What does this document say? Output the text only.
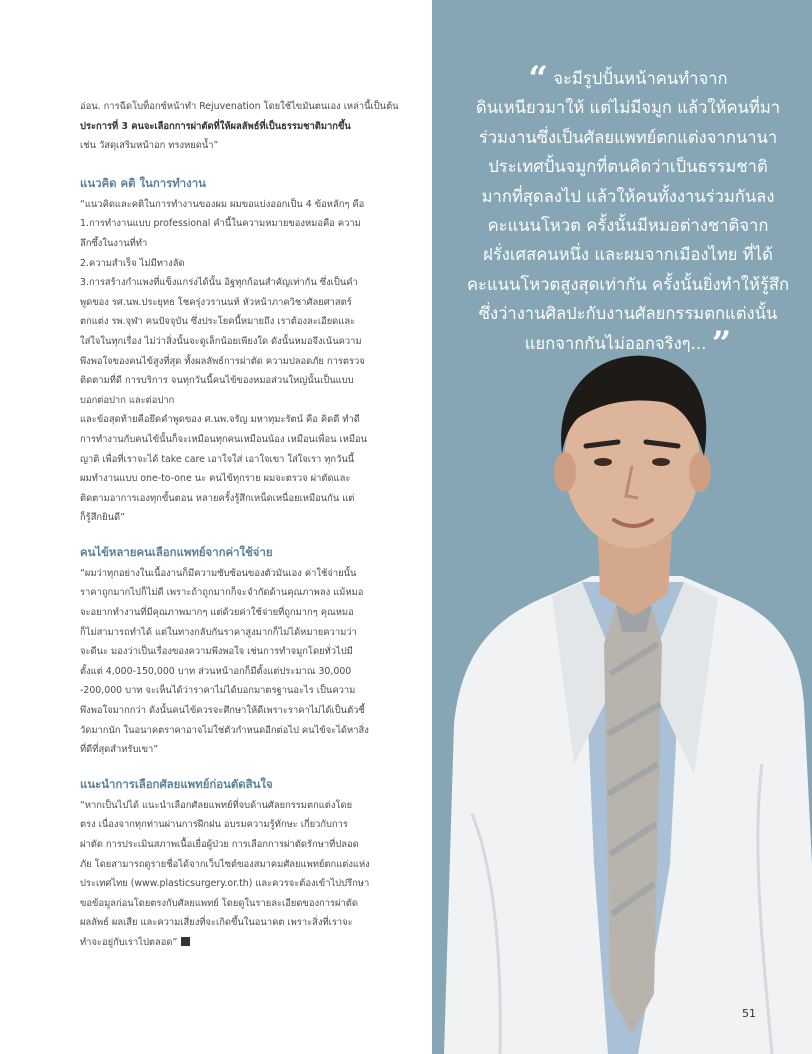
อ่อน. การฉีดโบท็อกซ์หน้าทำ Rejuvenation โดยใช้ไขมันตนเอง เหล่านี้เป็นต้น

ประการที่ 3 คนจะเลือกการผ่าตัดที่ให้ผลลัพธ์ที่เป็นธรรมชาติมากขึ้น

เช่น วัสดุเสริมหน้าอก ทรงหยดน้ำ”

แนวคิด คติ ในการทำงาน

“แนวคิดและคติในการทำงานของผม ผมขอแบ่งออกเป็น 4 ข้อหลักๆ คือ

1.การทำงานแบบ professional คำนี้ในความหมายของหมอคือ ความ

ลึกซึ้งในงานที่ทำ

2.ความสำเร็จ ไม่มีทางลัด

3.การสร้างกำแพงที่แข็งแกร่งได้นั้น อิฐทุกก้อนสำคัญเท่ากัน ซึ่งเป็นคำ

พูดของ รศ.นพ.ประยุทธ โชครุ่งวรานนท์ หัวหน้าภาควิชาศัลยศาสตร์

ตกแต่ง รพ.จุฬา คนปัจจุบัน ซึ่งประโยคนี้หมายถึง เราต้องละเอียดและ

ใส่ใจในทุกเรื่อง ไม่ว่าสิ่งนั้นจะดูเล็กน้อยเพียงใด ดังนั้นหมอจึงเน้นความ

พึงพอใจของคนไข้สูงที่สุด ทั้งผลลัพธ์การผ่าตัด ความปลอดภัย การตรวจ

ติดตามที่ดี การบริการ จนทุกวันนี้คนไข้ของหมอส่วนใหญ่นั้นเป็นแบบ

บอกต่อปาก และต่อปาก

และข้อสุดท้ายคือยึดคำพูดของ ศ.นพ.จรัญ มหาทุมะรัตน์ คือ คิดดี ทำดี

การทำงานกับคนไข้นั้นก็จะเหมือนทุกคนเหมือนน้อง เหมือนเพื่อน เหมือน

ญาติ เพื่อที่เราจะได้ take care เอาใจใส่ เอาใจเขา ใส่ใจเรา ทุกวันนี้

ผมทำงานแบบ one-to-one นะ คนไข้ทุกราย ผมจะตรวจ ผ่าตัดและ

ติดตามอาการเองทุกขั้นตอน หลายครั้งรู้สึกเหน็ดเหนื่อยเหมือนกัน แต่

ก็รู้สึกยินดี”

คนไข้หลายคนเลือกแพทย์จากค่าใช้จ่าย

“ผมว่าทุกอย่างในเนื้องานก็มีความซับซ้อนของตัวมันเอง ค่าใช้จ่ายนั้น

ราคาถูกมากไปก็ไม่ดี เพราะถ้าถูกมากก็จะจำกัดด้านคุณภาพลง แม้หมอ

จะอยากทำงานที่มีคุณภาพมากๆ แต่ด้วยค่าใช้จ่ายที่ถูกมากๆ คุณหมอ

ก็ไม่สามารถทำได้ แต่ในทางกลับกันราคาสูงมากก็ไม่ได้หมายความว่า

จะดีนะ มองว่าเป็นเรื่องของความพึงพอใจ เช่นการทำจมูกโดยทั่วไปมี

ตั้งแต่ 4,000-150,000 บาท ส่วนหน้าอกก็มีตั้งแต่ประมาณ 30,000

-200,000 บาท จะเห็นได้ว่าราคาไม่ได้บอกมาตรฐานอะไร เป็นความ

พึงพอใจมากกว่า ดังนั้นคนไข้ควรจะศึกษาให้ดีเพราะราคาไม่ได้เป็นตัวชี้

วัดมากนัก ในอนาคตราคาอาจไม่ใช่ตัวกำหนดอีกต่อไป คนไข้จะได้หาสิ่ง

ที่ดีที่สุดสำหรับเขา”

แนะนำการเลือกศัลยแพทย์ก่อนตัดสินใจ

“หากเป็นไปได้ แนะนำเลือกศัลยแพทย์ที่จบด้านศัลยกรรมตกแต่งโดย

ตรง เนื่องจากทุกท่านผ่านการฝึกฝน อบรมความรู้ทักษะ เกี่ยวกับการ

ผ่าตัด การประเมินสภาพเนื้อเยื่อผู้ป่วย การเลือกการผ่าตัดรักษาที่ปลอด

ภัย โดยสามารถดูรายชื่อได้จากเว็บไซต์ของสมาคมศัลยแพทย์ตกแต่งแห่ง

ประเทศไทย (www.plasticsurgery.or.th) และควรจะต้องเข้าไปปรึกษา

ขอข้อมูลก่อนโดยตรงกับศัลยแพทย์ โดยดูในรายละเอียดของการผ่าตัด

ผลลัพธ์ ผลเสีย และความเสี่ยงที่จะเกิดขึ้นในอนาคต เพราะสิ่งที่เราจะ

ทำจะอยู่กับเราไปตลอด”

“ จะมีรูปปั้นหน้าคนทำจาก
ดินเหนียวมาให้ แต่ไม่มีจมูก แล้วให้คนที่มา
ร่วมงานซึ่งเป็นศัลยแพทย์ตกแต่งจากนานา
ประเทศปั้นจมูกที่ตนคิดว่าเป็นธรรมชาติ
มากที่สุดลงไป แล้วให้คนทั้งงานร่วมกันลง
คะแนนโหวต ครั้งนั้นมีหมอต่างชาติจาก
ฝรั่งเศสคนหนึ่ง และผมจากเมืองไทย ที่ได้
คะแนนโหวตสูงสุดเท่ากัน ครั้งนั้นยิ่งทำให้รู้สึก
ซึ่งว่างานศิลปะกับงานศัลยกรรมตกแต่งนั้น
แยกจากกันไม่ออกจริงๆ... ”
51
